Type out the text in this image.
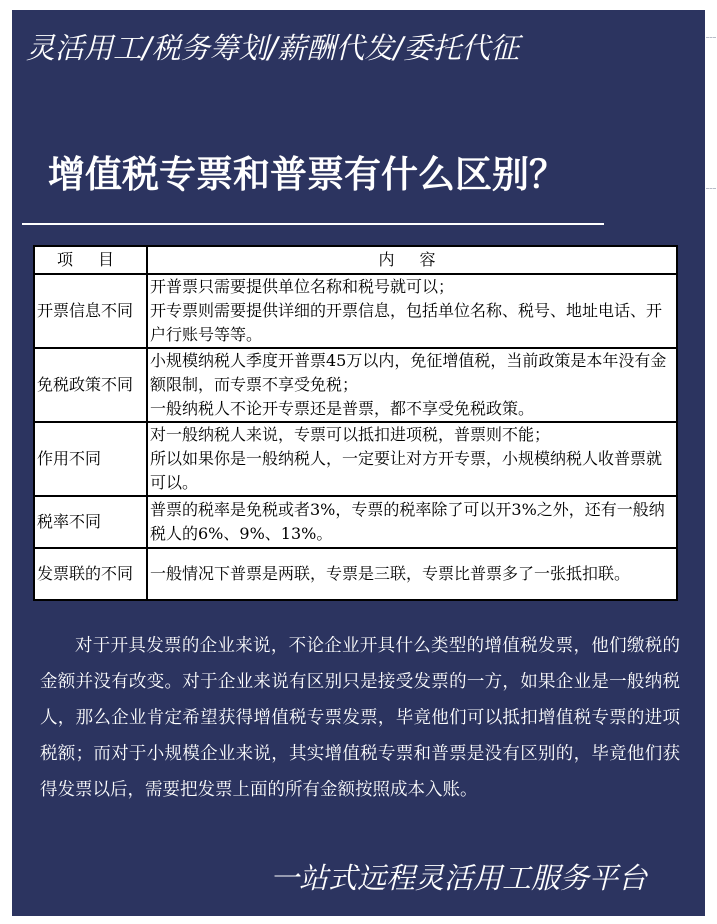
灵活用工/税务筹划/薪酬代发/委托代征
增值税专票和普票有什么区别？
项 目	内 容
开票信息不同	开普票只需要提供单位名称和税号就可以；
开专票则需要提供详细的开票信息，包括单位名称、税号、地址电话、开户行账号等等。

免税政策不同	小规模纳税人季度开普票45万以内，免征增值税，当前政策是本年没有金额限制，而专票不享受免税；
一般纳税人不论开专票还是普票，都不享受免税政策。

作用不同	对一般纳税人来说，专票可以抵扣进项税，普票则不能；
所以如果你是一般纳税人，一定要让对方开专票，小规模纳税人收普票就可以。

税率不同	普票的税率是免税或者3%，专票的税率除了可以开3%之外，还有一般纳税人的6%、9%、13%。

发票联的不同	一般情况下普票是两联，专票是三联，专票比普票多了一张抵扣联。
对于开具发票的企业来说，不论企业开具什么类型的增值税发票，他们缴税的金额并没有改变。对于企业来说有区别只是接受发票的一方，如果企业是一般纳税人，那么企业肯定希望获得增值税专票发票，毕竟他们可以抵扣增值税专票的进项税额；而对于小规模企业来说，其实增值税专票和普票是没有区别的，毕竟他们获得发票以后，需要把发票上面的所有金额按照成本入账。
一站式远程灵活用工服务平台
